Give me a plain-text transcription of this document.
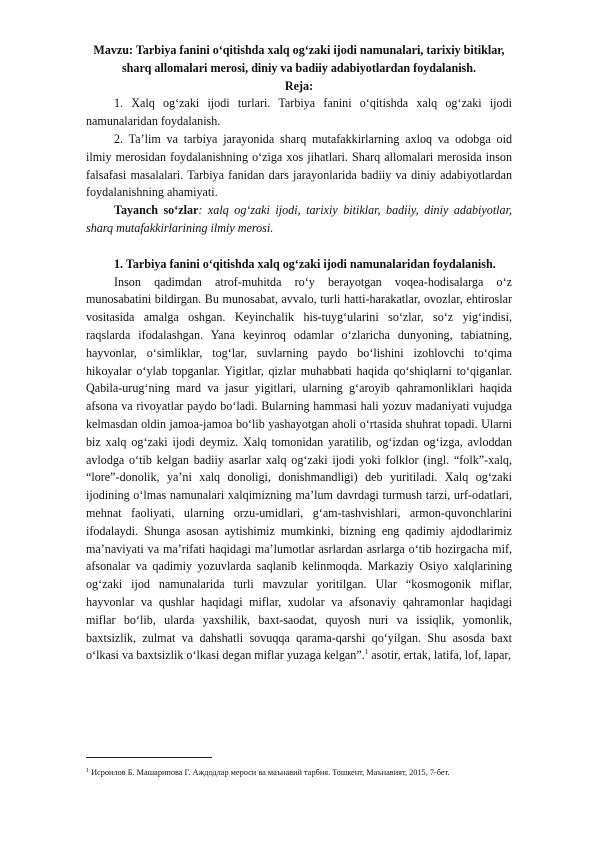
Mavzu: Tarbiya fanini o‘qitishda xalq og‘zaki ijodi namunalari, tarixiy bitiklar, sharq allomalari merosi, diniy va badiiy adabiyotlardan foydalanish.

Reja:

1. Xalq og‘zaki ijodi turlari. Tarbiya fanini o‘qitishda xalq og‘zaki ijodi namunalaridan foydalanish.

2. Ta’lim va tarbiya jarayonida sharq mutafakkirlarning axloq va odobga oid ilmiy merosidan foydalanishning o‘ziga xos jihatlari. Sharq allomalari merosida inson falsafasi masalalari. Tarbiya fanidan dars jarayonlarida badiiy va diniy adabiyotlardan foydalanishning ahamiyati.

Tayanch so‘zlar: xalq og‘zaki ijodi, tarixiy bitiklar, badiiy, diniy adabiyotlar, sharq mutafakkirlarining ilmiy merosi.

1. Tarbiya fanini o‘qitishda xalq og‘zaki ijodi namunalaridan foydalanish.

Inson qadimdan atrof-muhitda ro‘y berayotgan voqea-hodisalarga o‘z munosabatini bildirgan. Bu munosabat, avvalo, turli hatti-harakatlar, ovozlar, ehtiroslar vositasida amalga oshgan. Keyinchalik his-tuyg‘ularini so‘zlar, so‘z yig‘indisi, raqslarda ifodalashgan. Yana keyinroq odamlar o‘zlaricha dunyoning, tabiatning, hayvonlar, o‘simliklar, tog‘lar, suvlarning paydo bo‘lishini izohlovchi to‘qima hikoyalar o‘ylab topganlar. Yigitlar, qizlar muhabbati haqida qo‘shiqlarni to‘qiganlar. Qabila-urug‘ning mard va jasur yigitlari, ularning g‘aroyib qahramonliklari haqida afsona va rivoyatlar paydo bo‘ladi. Bularning hammasi hali yozuv madaniyati vujudga kelmasdan oldin jamoa-jamoa bo‘lib yashayotgan aholi o‘rtasida shuhrat topadi. Ularni biz xalq og‘zaki ijodi deymiz. Xalq tomonidan yaratilib, og‘izdan og‘izga, avloddan avlodga o‘tib kelgan badiiy asarlar xalq og‘zaki ijodi yoki folklor (ingl. “folk”-xalq, “lore”-donolik, ya’ni xalq donoligi, donishmandligi) deb yuritiladi. Xalq og‘zaki ijodining o‘lmas namunalari xalqimizning ma’lum davrdagi turmush tarzi, urf-odatlari, mehnat faoliyati, ularning orzu-umidlari, g‘am-tashvishlari, armon-quvonchlarini ifodalaydi. Shunga asosan aytishimiz mumkinki, bizning eng qadimiy ajdodlarimiz ma’naviyati va ma’rifati haqidagi ma’lumotlar asrlardan asrlarga o‘tib hozirgacha mif, afsonalar va qadimiy yozuvlarda saqlanib kelinmoqda. Markaziy Osiyo xalqlarining og‘zaki ijod namunalarida turli mavzular yoritilgan. Ular “kosmogonik miflar, hayvonlar va qushlar haqidagi miflar, xudolar va afsonaviy qahramonlar haqidagi miflar bo‘lib, ularda yaxshilik, baxt-saodat, quyosh nuri va issiqlik, yomonlik, baxtsizlik, zulmat va dahshatli sovuqqa qarama-qarshi qo‘yilgan. Shu asosda baxt o‘lkasi va baxtsizlik o‘lkasi degan miflar yuzaga kelgan”.$^1$ asotir, ertak, latifa, lof, lapar,

$^1$ Исроилов Б. Машарипова Г. Аждодлар мероси ва маънавий тарбия. Тошкент, Маънавият, 2015, 7-бет.
